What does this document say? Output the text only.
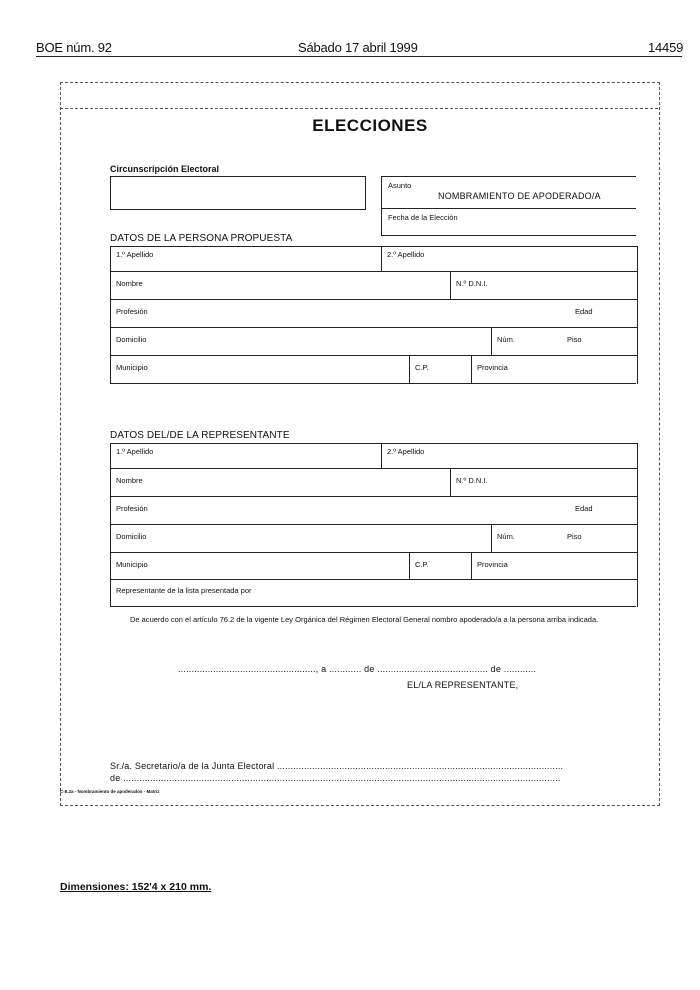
BOE núm. 92	Sábado 17 abril 1999	14459
ELECCIONES
Circunscripción Electoral
Asunto
NOMBRAMIENTO DE APODERADO/A
Fecha de la Elección
DATOS DE LA PERSONA PROPUESTA
1.º Apellido	2.º Apellido
Nombre	N.º D.N.I.
Profesión	Edad
Domicilio	Núm.	Piso
Municipio	C.P.	Provincia
DATOS DEL/DE LA REPRESENTANTE
1.º Apellido	2.º Apellido
Nombre	N.º D.N.I.
Profesión	Edad
Domicilio	Núm.	Piso
Municipio	C.P.	Provincia
Representante de la lista presentada por
De acuerdo con el artículo 76.2 de la vigente Ley Orgánica del Régimen Electoral General nombro apoderado/a a la persona arriba indicada.
..................................................., a ............ de ......................................... de ............
EL/LA REPRESENTANTE,
Sr./a. Secretario/a de la Junta Electoral ..........................................................................................................
de ..................................................................................................................................................................
C-8.2a - Nombramiento de apoderados - Matriz
Dimensiones: 152'4 x 210 mm.
